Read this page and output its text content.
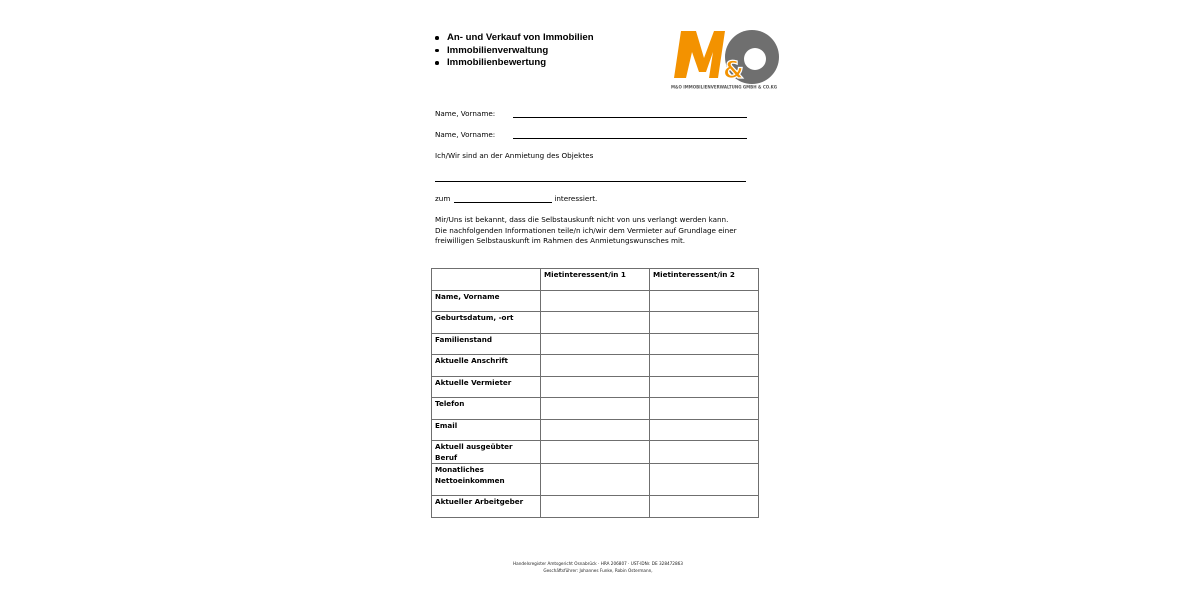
An- und Verkauf von Immobilien
Immobilienverwaltung
Immobilienbewertung	&
M&O IMMOBILIENVERWALTUNG GMBH & CO.KG
Name, Vorname:
Name, Vorname:
Ich/Wir sind an der Anmietung des Objektes
zum	interessiert.
Mir/Uns ist bekannt, dass die Selbstauskunft nicht von uns verlangt werden kann.
Die nachfolgenden Informationen teile/n ich/wir dem Vermieter auf Grundlage einer
freiwilligen Selbstauskunft im Rahmen des Anmietungswunsches mit.
	Mietinteressent/in 1	Mietinteressent/in 2
Name, Vorname		
Geburtsdatum, -ort		
Familienstand		
Aktuelle Anschrift		
Aktuelle Vermieter		
Telefon		
Email		
Aktuell ausgeübter Beruf		
Monatliches Nettoeinkommen		
Aktueller Arbeitgeber		
Handelsregister Amtsgericht Osnabrück · HRA 206807 · UST-IDNr. DE 328472863
Geschäftsführer: Johannes Funke, Robin Ostermann,
